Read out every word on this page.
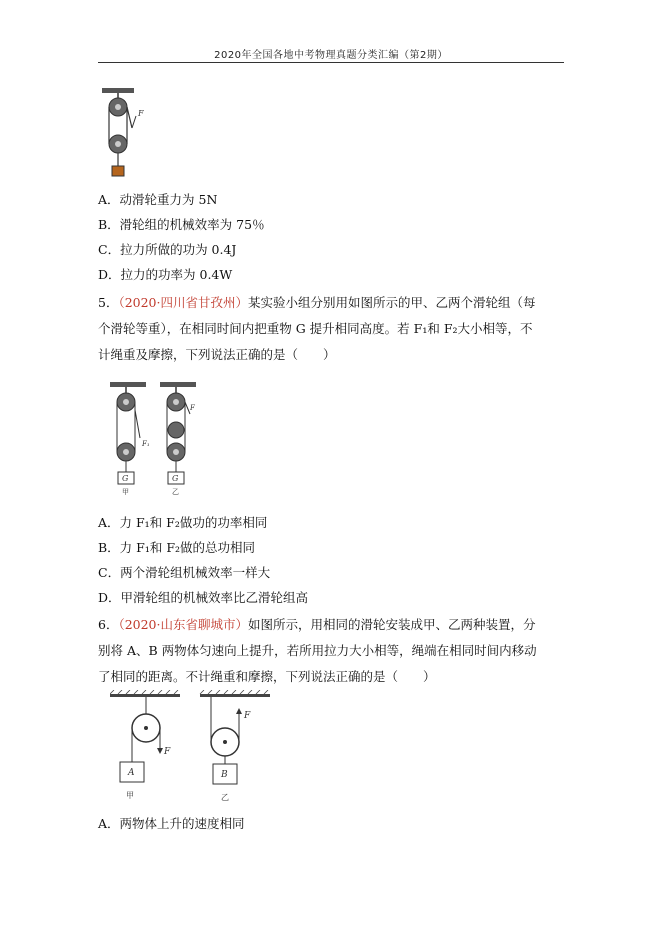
2020年全国各地中考物理真题分类汇编（第2期）
F
A．动滑轮重力为 5N
B．滑轮组的机械效率为 75％
C．拉力所做的功为 0.4J
D．拉力的功率为 0.4W
5．（2020·四川省甘孜州）某实验小组分别用如图所示的甲、乙两个滑轮组（每
个滑轮等重），在相同时间内把重物 G 提升相同高度。若 F₁和 F₂大小相等，不
计绳重及摩擦，下列说法正确的是（　　）
G
F₁
甲
G
F
乙
A．力 F₁和 F₂做功的功率相同
B．力 F₁和 F₂做的总功相同
C．两个滑轮组机械效率一样大
D．甲滑轮组的机械效率比乙滑轮组高
6．（2020·山东省聊城市）如图所示，用相同的滑轮安装成甲、乙两种装置，分
别将 A、B 两物体匀速向上提升，若所用拉力大小相等，绳端在相同时间内移动
了相同的距离。不计绳重和摩擦，下列说法正确的是（　　）
F
A
甲
F
B
乙
A．两物体上升的速度相同
